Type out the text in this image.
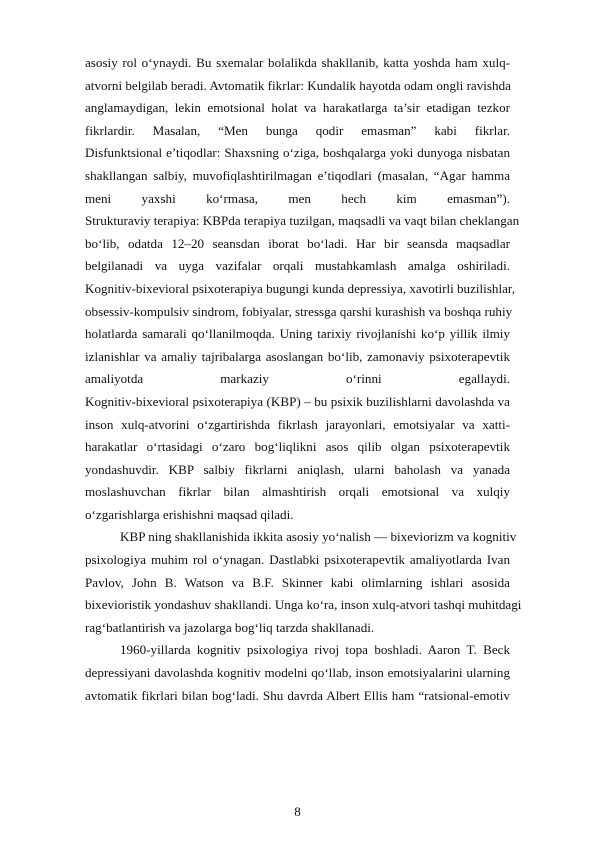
asosiy rol o‘ynaydi. Bu sxemalar bolalikda shakllanib, katta yoshda ham xulq-
atvorni belgilab beradi. Avtomatik fikrlar: Kundalik hayotda odam ongli ravishda
anglamaydigan, lekin emotsional holat va harakatlarga ta’sir etadigan tezkor
fikrlardir. Masalan, “Men bunga qodir emasman” kabi fikrlar.
Disfunktsional e’tiqodlar: Shaxsning o‘ziga, boshqalarga yoki dunyoga nisbatan
shakllangan salbiy, muvofiqlashtirilmagan e’tiqodlari (masalan, “Agar hamma
meni yaxshi ko‘rmasa, men hech kim emasman”).
Strukturaviy terapiya: KBPda terapiya tuzilgan, maqsadli va vaqt bilan cheklangan
bo‘lib, odatda 12–20 seansdan iborat bo‘ladi. Har bir seansda maqsadlar
belgilanadi va uyga vazifalar orqali mustahkamlash amalga oshiriladi.
Kognitiv-bixevioral psixoterapiya bugungi kunda depressiya, xavotirli buzilishlar,
obsessiv-kompulsiv sindrom, fobiyalar, stressga qarshi kurashish va boshqa ruhiy
holatlarda samarali qo‘llanilmoqda. Uning tarixiy rivojlanishi ko‘p yillik ilmiy
izlanishlar va amaliy tajribalarga asoslangan bo‘lib, zamonaviy psixoterapevtik
amaliyotda markaziy o‘rinni egallaydi.
Kognitiv-bixevioral psixoterapiya (KBP) – bu psixik buzilishlarni davolashda va
inson xulq-atvorini o‘zgartirishda fikrlash jarayonlari, emotsiyalar va xatti-
harakatlar o‘rtasidagi o‘zaro bog‘liqlikni asos qilib olgan psixoterapevtik
yondashuvdir. KBP salbiy fikrlarni aniqlash, ularni baholash va yanada
moslashuvchan fikrlar bilan almashtirish orqali emotsional va xulqiy
o‘zgarishlarga erishishni maqsad qiladi.
KBP ning shakllanishida ikkita asosiy yo‘nalish — bixeviorizm va kognitiv
psixologiya muhim rol o‘ynagan. Dastlabki psixoterapevtik amaliyotlarda Ivan
Pavlov, John B. Watson va B.F. Skinner kabi olimlarning ishlari asosida
bixevioristik yondashuv shakllandi. Unga ko‘ra, inson xulq-atvori tashqi muhitdagi
rag‘batlantirish va jazolarga bog‘liq tarzda shakllanadi.
1960-yillarda kognitiv psixologiya rivoj topa boshladi. Aaron T. Beck
depressiyani davolashda kognitiv modelni qo‘llab, inson emotsiyalarini ularning
avtomatik fikrlari bilan bog‘ladi. Shu davrda Albert Ellis ham “ratsional-emotiv
8
